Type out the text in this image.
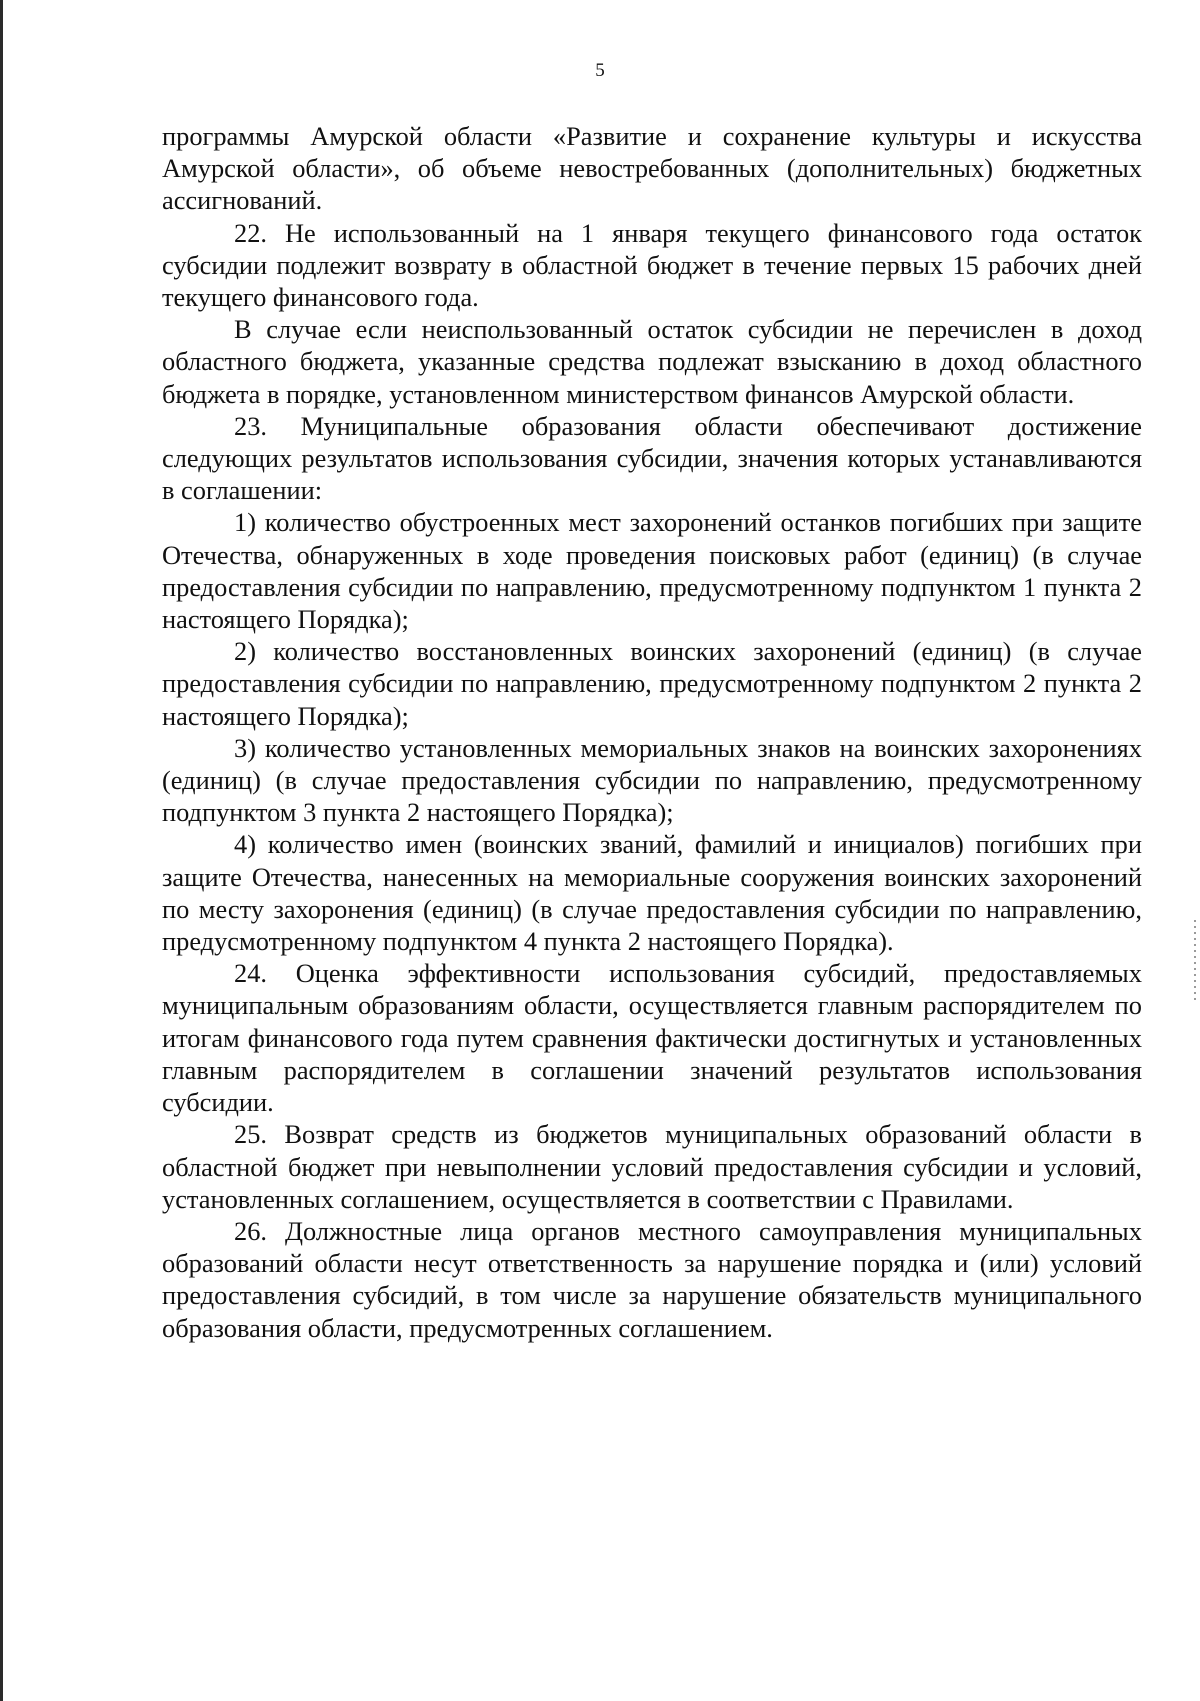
5

программы Амурской области «Развитие и сохранение культуры и искусства Амурской области», об объеме невостребованных (дополнительных) бюджетных ассигнований.

22. Не использованный на 1 января текущего финансового года остаток субсидии подлежит возврату в областной бюджет в течение первых 15 рабочих дней текущего финансового года.

В случае если неиспользованный остаток субсидии не перечислен в доход областного бюджета, указанные средства подлежат взысканию в доход областного бюджета в порядке, установленном министерством финансов Амурской области.

23. Муниципальные образования области обеспечивают достижение следующих результатов использования субсидии, значения которых устанавливаются в соглашении:

1) количество обустроенных мест захоронений останков погибших при защите Отечества, обнаруженных в ходе проведения поисковых работ (единиц) (в случае предоставления субсидии по направлению, предусмотренному подпунктом 1 пункта 2 настоящего Порядка);

2) количество восстановленных воинских захоронений (единиц) (в случае предоставления субсидии по направлению, предусмотренному подпунктом 2 пункта 2 настоящего Порядка);

3) количество установленных мемориальных знаков на воинских захоронениях (единиц) (в случае предоставления субсидии по направлению, предусмотренному подпунктом 3 пункта 2 настоящего Порядка);

4) количество имен (воинских званий, фамилий и инициалов) погибших при защите Отечества, нанесенных на мемориальные сооружения воинских захоронений по месту захоронения (единиц) (в случае предоставления субсидии по направлению, предусмотренному подпунктом 4 пункта 2 настоящего Порядка).

24. Оценка эффективности использования субсидий, предоставляемых муниципальным образованиям области, осуществляется главным распорядителем по итогам финансового года путем сравнения фактически достигнутых и установленных главным распорядителем в соглашении значений результатов использования субсидии.

25. Возврат средств из бюджетов муниципальных образований области в областной бюджет при невыполнении условий предоставления субсидии и условий, установленных соглашением, осуществляется в соответствии с Правилами.

26. Должностные лица органов местного самоуправления муниципальных образований области несут ответственность за нарушение порядка и (или) условий предоставления субсидий, в том числе за нарушение обязательств муниципального образования области, предусмотренных соглашением.
